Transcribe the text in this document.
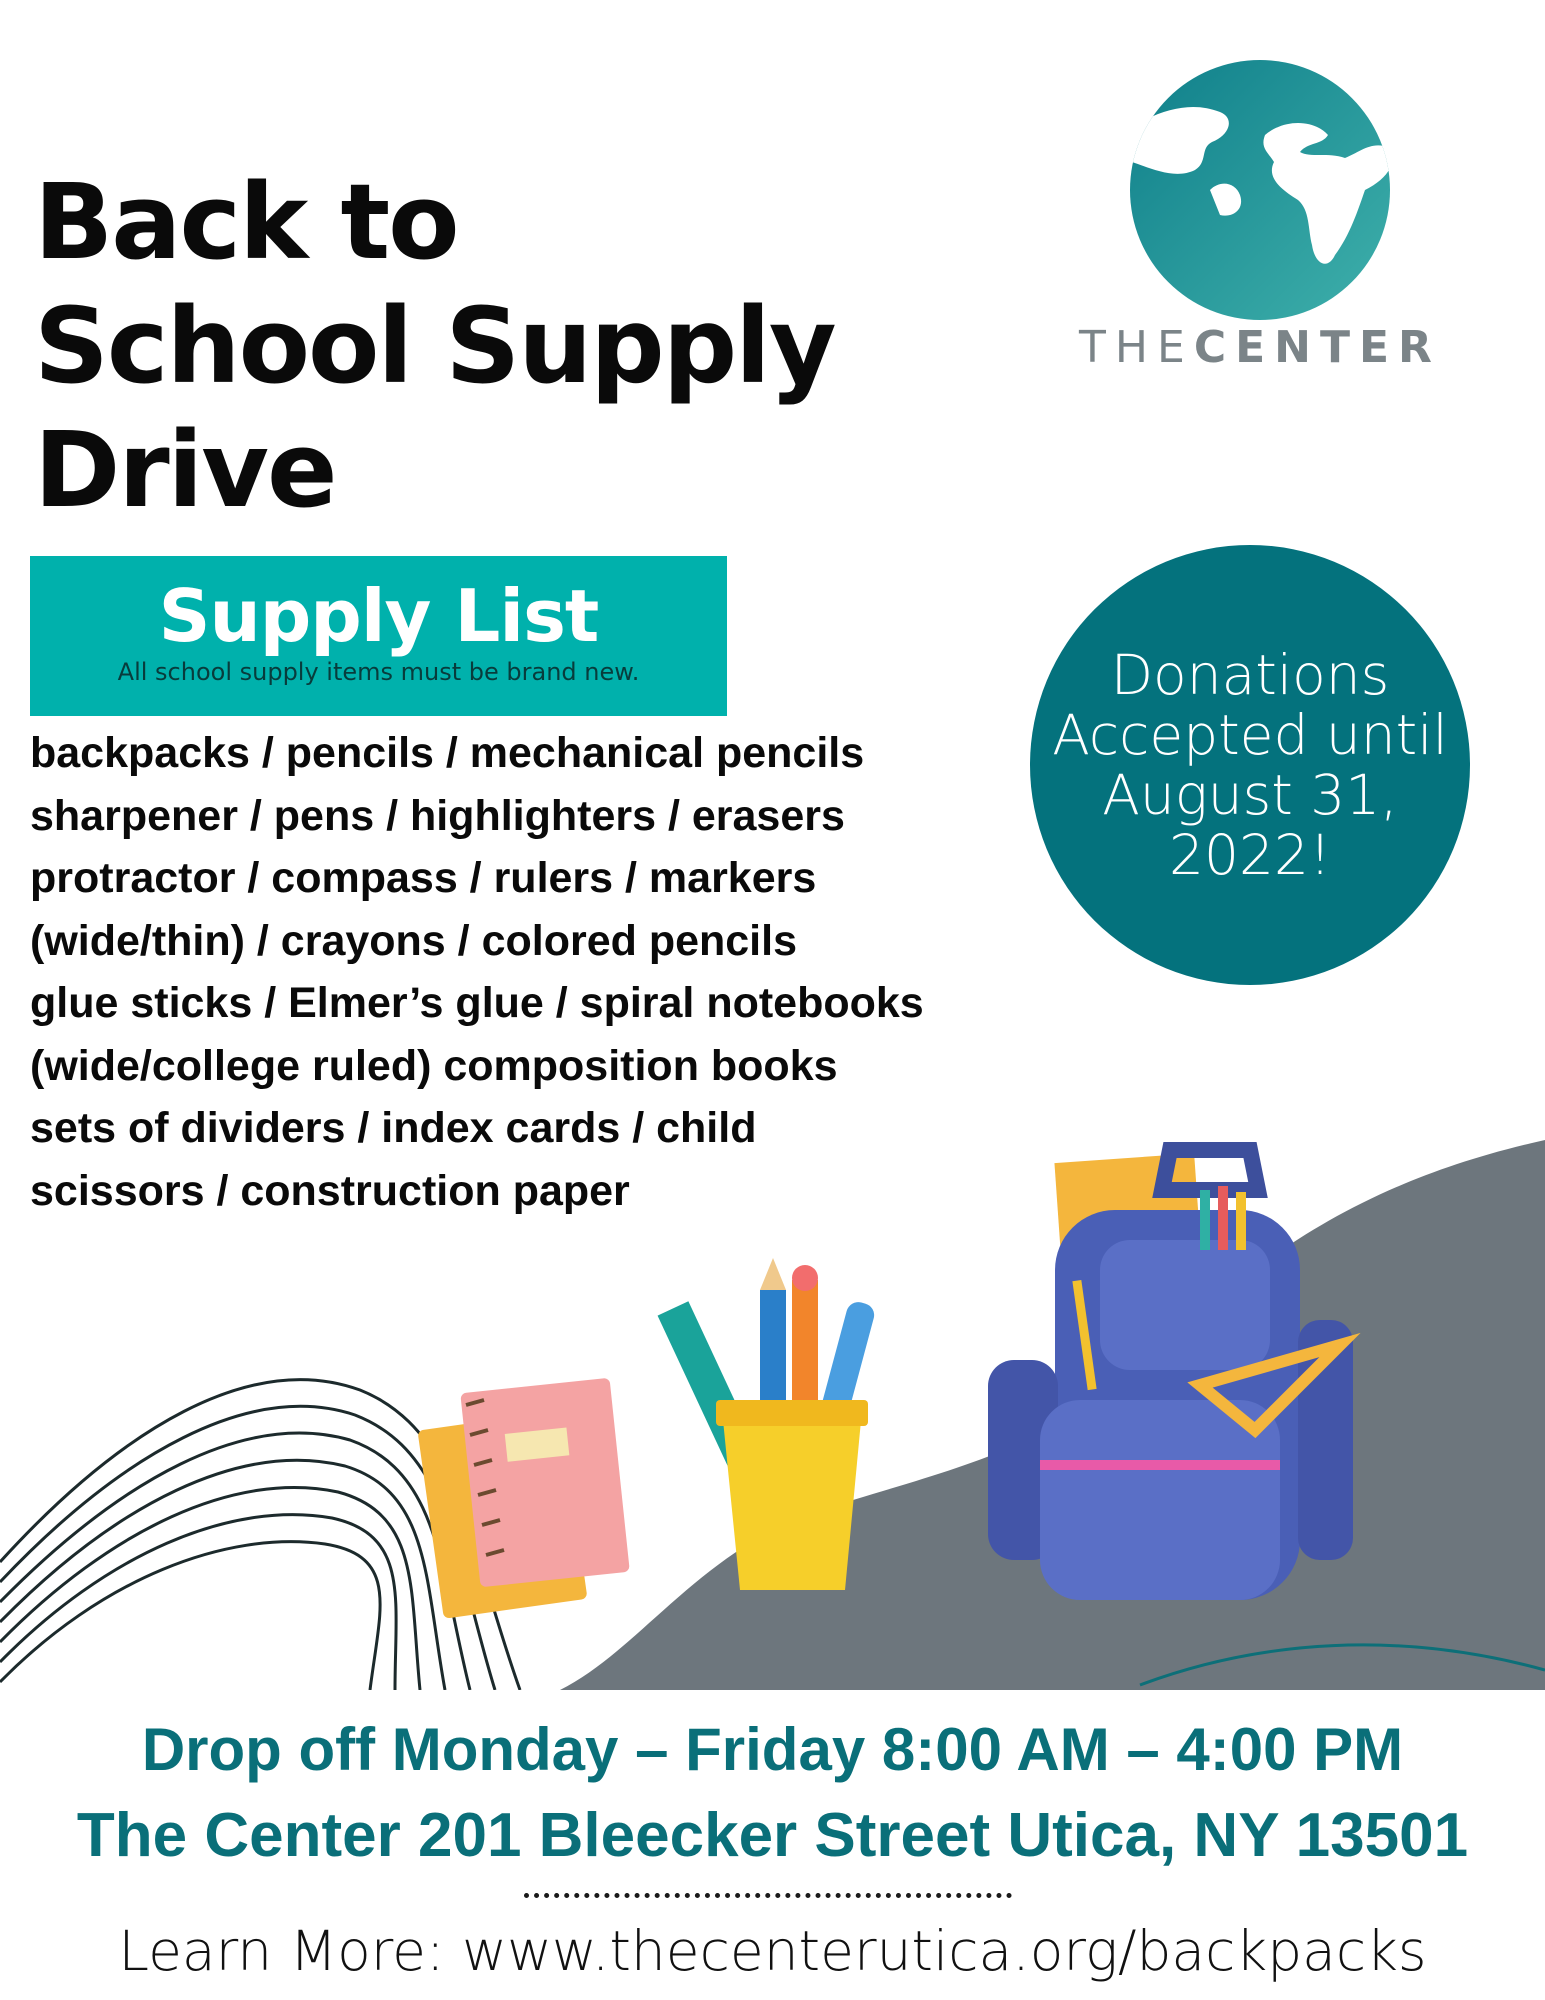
Back to
School Supply
Drive
THECENTER
Supply List
All school supply items must be brand new.
backpacks / pencils / mechanical pencils
sharpener / pens / highlighters / erasers
protractor / compass / rulers / markers
(wide/thin) / crayons / colored pencils
glue sticks / Elmer’s glue / spiral notebooks
(wide/college ruled) composition books
sets of dividers / index cards / child
scissors / construction paper
Donations Accepted until August 31, 2022!
Drop off Monday – Friday 8:00 AM – 4:00 PM
The Center 201 Bleecker Street Utica, NY 13501
Learn More: www.thecenterutica.org/backpacks
